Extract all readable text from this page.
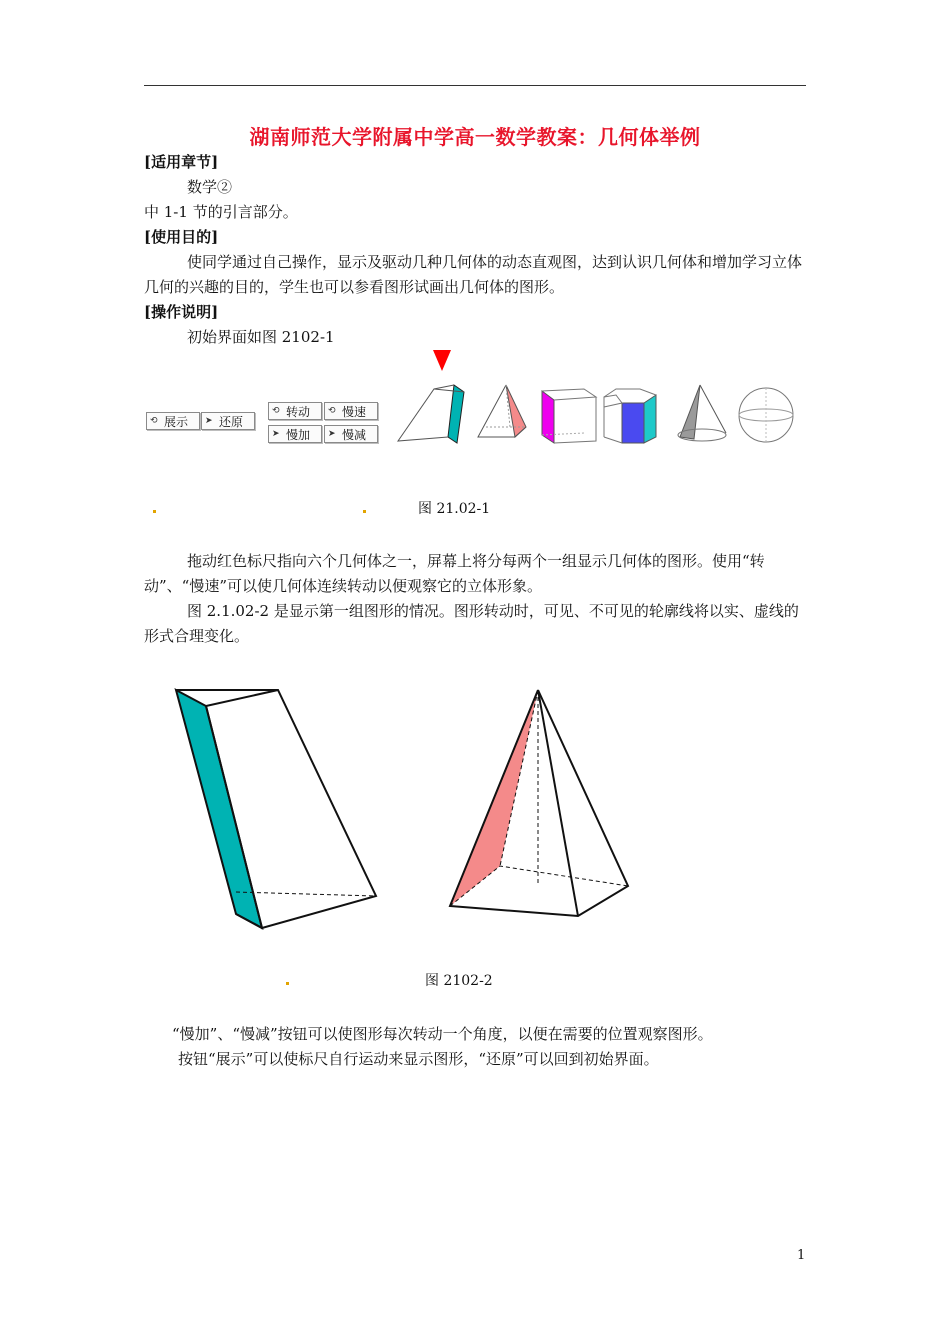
湖南师范大学附属中学高一数学教案：几何体举例
[适用章节]
数学②
中 1-1 节的引言部分。
[使用目的]
使同学通过自己操作，显示及驱动几种几何体的动态直观图，达到认识几何体和增加学习立体几何的兴趣的目的，学生也可以参看图形试画出几何体的图形。
[操作说明]
初始界面如图 2102-1
⟲ 展示 ➤ 还原
⟲ 转动 ⟲ 慢速
➤ 慢加 ➤ 慢减
图 21.02-1
拖动红色标尺指向六个几何体之一，屏幕上将分每两个一组显示几何体的图形。使用“转动”、“慢速”可以使几何体连续转动以便观察它的立体形象。
图 2.1.02-2 是显示第一组图形的情况。图形转动时，可见、不可见的轮廓线将以实、虚线的形式合理变化。
图 2102-2
“慢加”、“慢减”按钮可以使图形每次转动一个角度，以便在需要的位置观察图形。
按钮“展示”可以使标尺自行运动来显示图形，“还原”可以回到初始界面。
1
